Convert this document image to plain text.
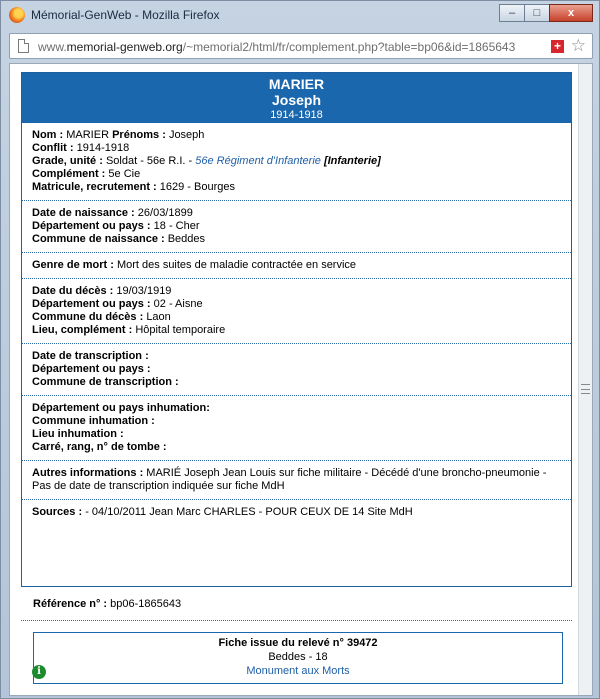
Mémorial-GenWeb - Mozilla Firefox	–	□	x
www.memorial-genweb.org/~memorial2/html/fr/complement.php?table=bp06&id=1865643	+ ☆
MARIER
Joseph
1914-1918
Nom : MARIER Prénoms : Joseph
Conflit : 1914-1918
Grade, unité : Soldat - 56e R.I. - 56e Régiment d'Infanterie [Infanterie]
Complément : 5e Cie
Matricule, recrutement : 1629 - Bourges
Date de naissance : 26/03/1899
Département ou pays : 18 - Cher
Commune de naissance : Beddes
Genre de mort : Mort des suites de maladie contractée en service
Date du décès : 19/03/1919
Département ou pays : 02 - Aisne
Commune du décès : Laon
Lieu, complément : Hôpital temporaire
Date de transcription :
Département ou pays :
Commune de transcription :
Département ou pays inhumation:
Commune inhumation :
Lieu inhumation :
Carré, rang, n° de tombe :
Autres informations : MARIÉ Joseph Jean Louis sur fiche militaire - Décédé d'une broncho-pneumonie - Pas de date de transcription indiquée sur fiche MdH
Sources : - 04/10/2011 Jean Marc CHARLES - POUR CEUX DE 14 Site MdH
Référence n° : bp06-1865643
Fiche issue du relevé n° 39472
Beddes - 18
Monument aux Morts
i
